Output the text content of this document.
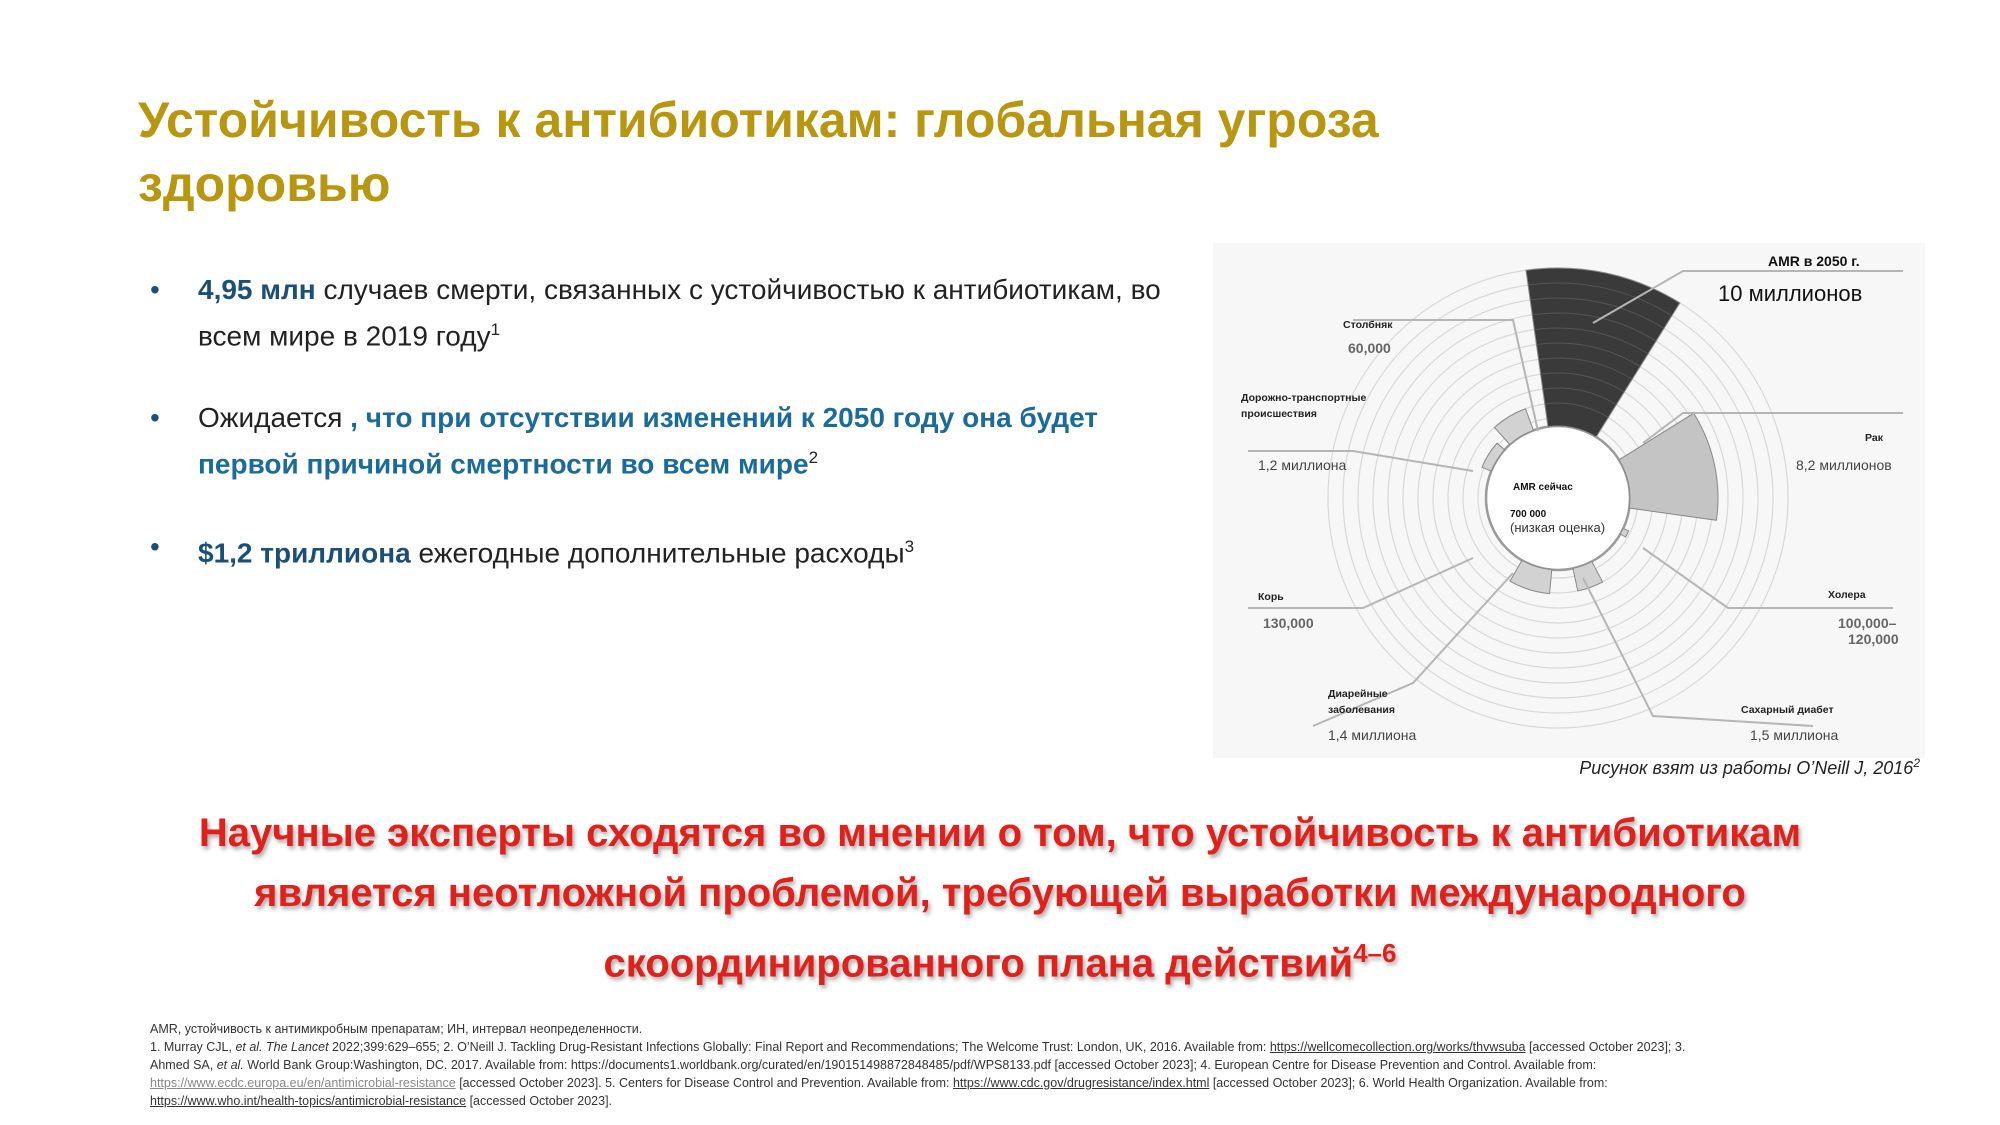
Устойчивость к антибиотикам: глобальная угроза здоровью
• 4,95 млн случаев смерти, связанных с устойчивостью к антибиотикам, во всем мире в 2019 году$^1$
• Ожидается , что при отсутствии изменений к 2050 году она будет первой причиной смертности во всем мире$^2$
• $1,2 триллиона ежегодные дополнительные расходы$^3$
AMR в 2050 г.
10 миллионов
Столбняк
60,000
Дорожно-транспортные
происшествия
1,2 миллиона
Рак
8,2 миллионов
AMR сейчас
700 000
(низкая оценка)
Корь
130,000
Холера
100,000–
120,000
Диарейные
заболевания
1,4 миллиона
Сахарный диабет
1,5 миллиона
Рисунок взят из работы O’Neill J, 2016$^2$
Научные эксперты сходятся во мнении о том, что устойчивость к антибиотикам
является неотложной проблемой, требующей выработки международного
скоординированного плана действий$^{4-6}$
AMR, устойчивость к антимикробным препаратам; ИН, интервал неопределенности.
1. Murray CJL, et al. The Lancet 2022;399:629–655; 2. O’Neill J. Tackling Drug-Resistant Infections Globally: Final Report and Recommendations; The Welcome Trust: London, UK, 2016. Available from: https://wellcomecollection.org/works/thvwsuba [accessed October 2023]; 3.
Ahmed SA, et al. World Bank Group:Washington, DC. 2017. Available from: https://documents1.worldbank.org/curated/en/190151498872848485/pdf/WPS8133.pdf [accessed October 2023]; 4. European Centre for Disease Prevention and Control. Available from:
https://www.ecdc.europa.eu/en/antimicrobial-resistance [accessed October 2023]. 5. Centers for Disease Control and Prevention. Available from: https://www.cdc.gov/drugresistance/index.html [accessed October 2023]; 6. World Health Organization. Available from:
https://www.who.int/health-topics/antimicrobial-resistance [accessed October 2023].
